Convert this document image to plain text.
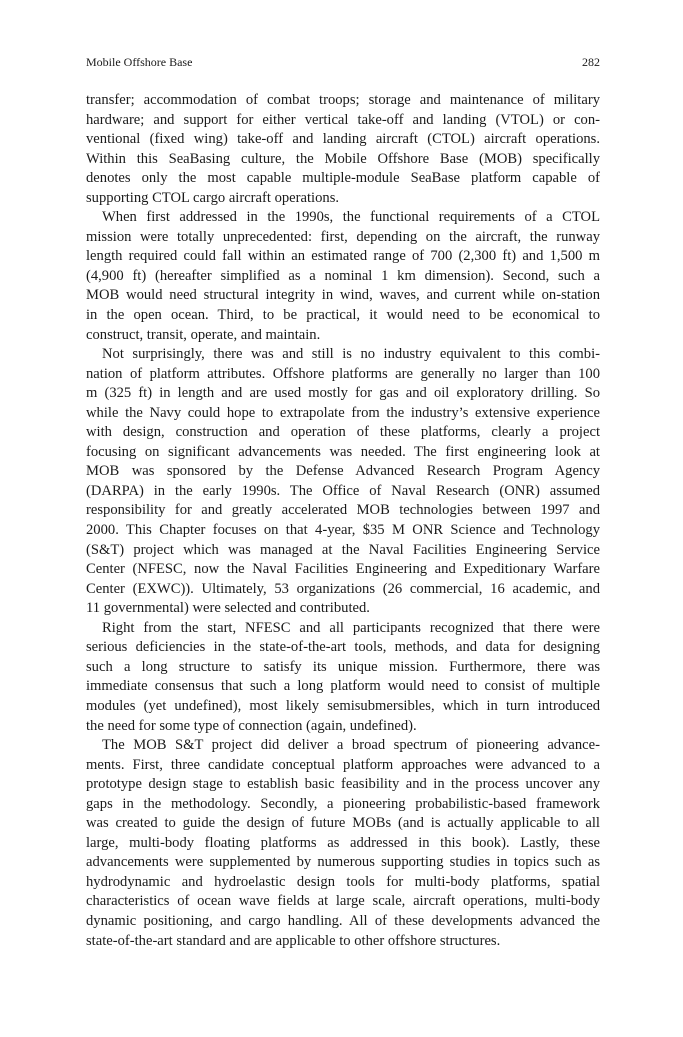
Mobile Offshore Base	282
transfer; accommodation of combat troops; storage and maintenance of military
hardware; and support for either vertical take-off and landing (VTOL) or con-
ventional (fixed wing) take-off and landing aircraft (CTOL) aircraft operations.
Within this SeaBasing culture, the Mobile Offshore Base (MOB) specifically
denotes only the most capable multiple-module SeaBase platform capable of
supporting CTOL cargo aircraft operations.
When first addressed in the 1990s, the functional requirements of a CTOL
mission were totally unprecedented: first, depending on the aircraft, the runway
length required could fall within an estimated range of 700 (2,300 ft) and 1,500 m
(4,900 ft) (hereafter simplified as a nominal 1 km dimension). Second, such a
MOB would need structural integrity in wind, waves, and current while on-station
in the open ocean. Third, to be practical, it would need to be economical to
construct, transit, operate, and maintain.
Not surprisingly, there was and still is no industry equivalent to this combi-
nation of platform attributes. Offshore platforms are generally no larger than 100
m (325 ft) in length and are used mostly for gas and oil exploratory drilling. So
while the Navy could hope to extrapolate from the industry’s extensive experience
with design, construction and operation of these platforms, clearly a project
focusing on significant advancements was needed. The first engineering look at
MOB was sponsored by the Defense Advanced Research Program Agency
(DARPA) in the early 1990s. The Office of Naval Research (ONR) assumed
responsibility for and greatly accelerated MOB technologies between 1997 and
2000. This Chapter focuses on that 4-year, $35 M ONR Science and Technology
(S&T) project which was managed at the Naval Facilities Engineering Service
Center (NFESC, now the Naval Facilities Engineering and Expeditionary Warfare
Center (EXWC)). Ultimately, 53 organizations (26 commercial, 16 academic, and
11 governmental) were selected and contributed.
Right from the start, NFESC and all participants recognized that there were
serious deficiencies in the state-of-the-art tools, methods, and data for designing
such a long structure to satisfy its unique mission. Furthermore, there was
immediate consensus that such a long platform would need to consist of multiple
modules (yet undefined), most likely semisubmersibles, which in turn introduced
the need for some type of connection (again, undefined).
The MOB S&T project did deliver a broad spectrum of pioneering advance-
ments. First, three candidate conceptual platform approaches were advanced to a
prototype design stage to establish basic feasibility and in the process uncover any
gaps in the methodology. Secondly, a pioneering probabilistic-based framework
was created to guide the design of future MOBs (and is actually applicable to all
large, multi-body floating platforms as addressed in this book). Lastly, these
advancements were supplemented by numerous supporting studies in topics such as
hydrodynamic and hydroelastic design tools for multi-body platforms, spatial
characteristics of ocean wave fields at large scale, aircraft operations, multi-body
dynamic positioning, and cargo handling. All of these developments advanced the
state-of-the-art standard and are applicable to other offshore structures.
